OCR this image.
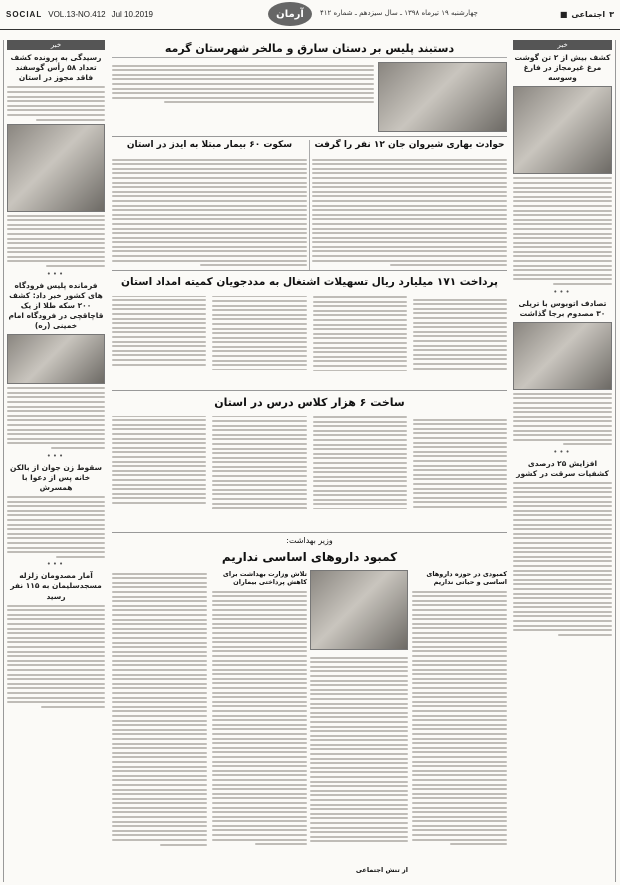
SOCIAL VOL.13-NO.412 Jul 10.2019	آرمان	چهارشنبه ۱۹ تیرماه ۱۳۹۸ ـ سال سیزدهم ـ شماره ۴۱۲	۳
اجتماعی
■
خبر
رسیدگی به پرونده کشف تعداد ۵۸ رأس گوسفند فاقد مجوز در استان
•••
فرمانده پلیس فرودگاه های کشور خبر داد: کشف ۲۰۰ سکه طلا از یک قاچاقچی در فرودگاه امام خمینی (ره)
•••
سقوط زن جوان از بالکن خانه پس از دعوا با همسرش
•••
آمار مصدومان زلزله مسجدسلیمان به ۱۱۵ نفر رسید
خبر
کشف بیش از ۲ تن گوشت مرغ غیرمجاز در فارغ وسوسه
•••
تصادف اتوبوس با تریلی ۳۰ مصدوم برجا گذاشت
•••
افزایش ۲۵ درصدی کشفیات سرقت در کشور
دستبند پلیس بر دستان سارق و مالخر شهرستان گرمه
حوادث بهاری شیروان جان ۱۲ نفر را گرفت
سکوت ۶۰ بیمار مبتلا به ایدز در استان
پرداخت ۱۷۱ میلیارد ریال تسهیلات اشتغال به مددجویان کمیته امداد استان
ساخت ۶ هزار کلاس درس در استان
وزیر بهداشت:
کمبود داروهای اساسی نداریم
کمبودی در حوزه داروهای اساسی و حیاتی نداریم
تلاش وزارت بهداشت برای کاهش پرداختی بیماران
از تنش اجتماعی
